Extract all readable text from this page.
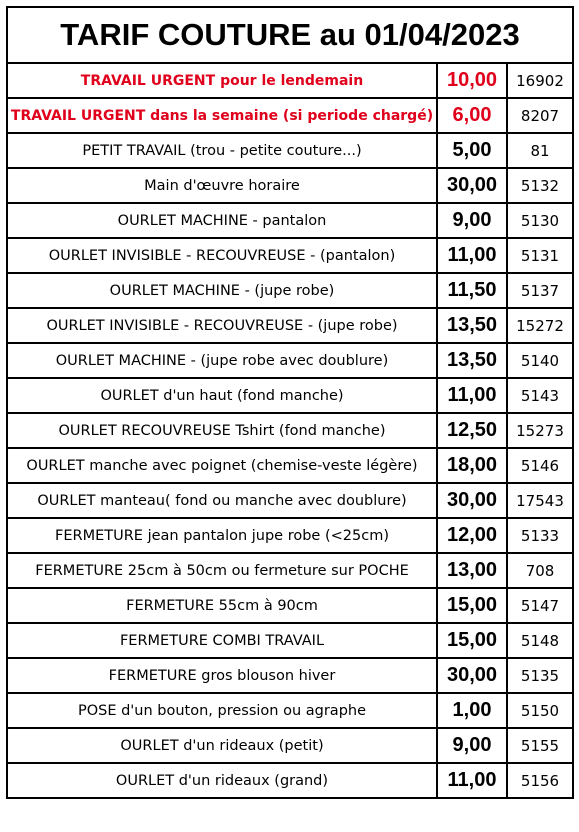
TARIF COUTURE au 01/04/2023		
TRAVAIL URGENT pour le lendemain	10,00	16902
TRAVAIL URGENT dans la semaine (si periode chargé)	6,00	8207
PETIT TRAVAIL (trou - petite couture...)	5,00	81
Main d'œuvre horaire	30,00	5132
OURLET MACHINE - pantalon	9,00	5130
OURLET INVISIBLE - RECOUVREUSE - (pantalon)	11,00	5131
OURLET MACHINE - (jupe robe)	11,50	5137
OURLET INVISIBLE - RECOUVREUSE - (jupe robe)	13,50	15272
OURLET MACHINE - (jupe robe avec doublure)	13,50	5140
OURLET d'un haut (fond manche)	11,00	5143
OURLET RECOUVREUSE Tshirt (fond manche)	12,50	15273
OURLET manche avec poignet (chemise-veste légère)	18,00	5146
OURLET manteau( fond ou manche avec doublure)	30,00	17543
FERMETURE jean pantalon jupe robe (<25cm)	12,00	5133
FERMETURE 25cm à 50cm ou fermeture sur POCHE	13,00	708
FERMETURE 55cm à 90cm	15,00	5147
FERMETURE COMBI TRAVAIL	15,00	5148
FERMETURE gros blouson hiver	30,00	5135
POSE d'un bouton, pression ou agraphe	1,00	5150
OURLET d'un rideaux (petit)	9,00	5155
OURLET d'un rideaux (grand)	11,00	5156
